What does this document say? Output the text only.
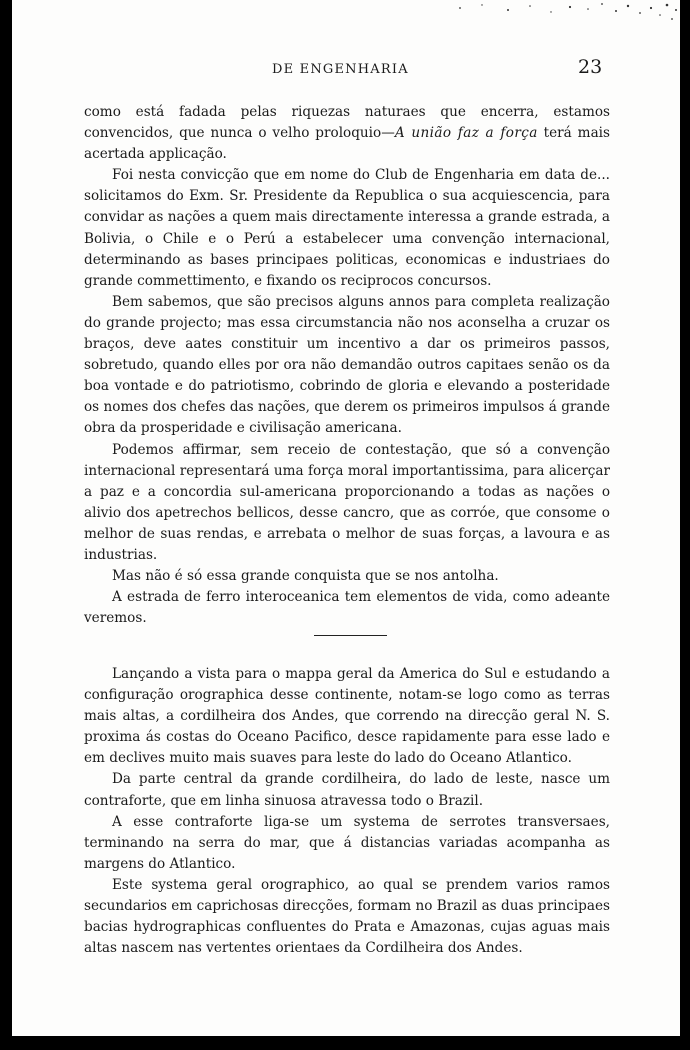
DE ENGENHARIA	23

como está fadada pelas riquezas naturaes que encerra, estamos convencidos, que nunca o velho proloquio—A união faz a força terá mais acertada applicação.

Foi nesta convicção que em nome do Club de Engenharia em data de... solicitamos do Exm. Sr. Presidente da Republica o sua acquiescencia, para convidar as nações a quem mais directamente interessa a grande estrada, a Bolivia, o Chile e o Perú a estabelecer uma convenção internacional, determinando as bases principaes politicas, economicas e industriaes do grande commettimento, e fixando os reciprocos concursos.

Bem sabemos, que são precisos alguns annos para completa realização do grande projecto; mas essa circumstancia não nos aconselha a cruzar os braços, deve aates constituir um incentivo a dar os primeiros passos, sobretudo, quando elles por ora não demandão outros capitaes senão os da boa vontade e do patriotismo, cobrindo de gloria e elevando a posteridade os nomes dos chefes das nações, que derem os primeiros impulsos á grande obra da prosperidade e civilisação americana.

Podemos affirmar, sem receio de contestação, que só a convenção internacional representará uma força moral importantissima, para alicerçar a paz e a concordia sul-americana proporcionando a todas as nações o alivio dos apetrechos bellicos, desse cancro, que as corróe, que consome o melhor de suas rendas, e arrebata o melhor de suas forças, a lavoura e as industrias.

Mas não é só essa grande conquista que se nos antolha.

A estrada de ferro interoceanica tem elementos de vida, como adeante veremos.

Lançando a vista para o mappa geral da America do Sul e estudando a configuração orographica desse continente, notam-se logo como as terras mais altas, a cordilheira dos Andes, que correndo na direcção geral N. S. proxima ás costas do Oceano Pacifico, desce rapidamente para esse lado e em declives muito mais suaves para leste do lado do Oceano Atlantico.

Da parte central da grande cordilheira, do lado de leste, nasce um contraforte, que em linha sinuosa atravessa todo o Brazil.

A esse contraforte liga-se um systema de serrotes transversaes, terminando na serra do mar, que á distancias variadas acompanha as margens do Atlantico.

Este systema geral orographico, ao qual se prendem varios ramos secundarios em caprichosas direcções, formam no Brazil as duas principaes bacias hydrographicas confluentes do Prata e Amazonas, cujas aguas mais altas nascem nas vertentes orientaes da Cordilheira dos Andes.
